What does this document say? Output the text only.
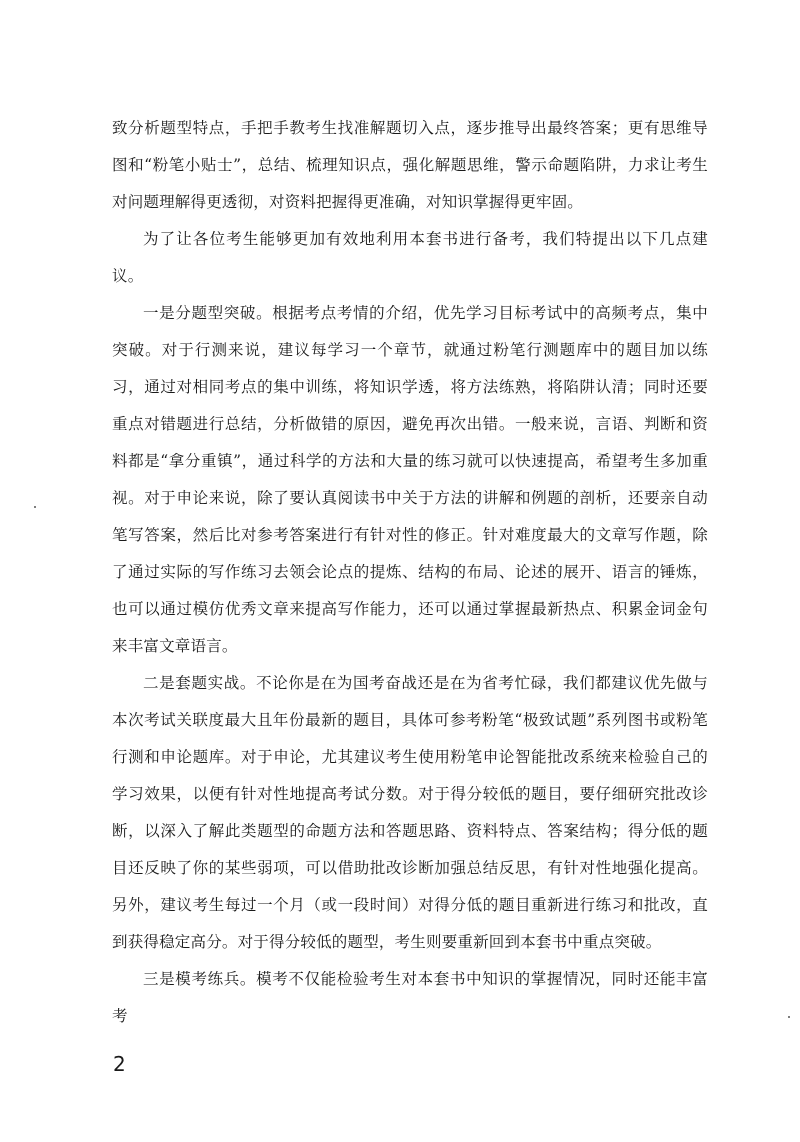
致分析题型特点，手把手教考生找准解题切入点，逐步推导出最终答案；更有思维导图和“粉笔小贴士”，总结、梳理知识点，强化解题思维，警示命题陷阱，力求让考生对问题理解得更透彻，对资料把握得更准确，对知识掌握得更牢固。

为了让各位考生能够更加有效地利用本套书进行备考，我们特提出以下几点建议。

一是分题型突破。根据考点考情的介绍，优先学习目标考试中的高频考点，集中突破。对于行测来说，建议每学习一个章节，就通过粉笔行测题库中的题目加以练习，通过对相同考点的集中训练，将知识学透，将方法练熟，将陷阱认清；同时还要重点对错题进行总结，分析做错的原因，避免再次出错。一般来说，言语、判断和资料都是“拿分重镇”，通过科学的方法和大量的练习就可以快速提高，希望考生多加重视。对于申论来说，除了要认真阅读书中关于方法的讲解和例题的剖析，还要亲自动笔写答案，然后比对参考答案进行有针对性的修正。针对难度最大的文章写作题，除了通过实际的写作练习去领会论点的提炼、结构的布局、论述的展开、语言的锤炼，也可以通过模仿优秀文章来提高写作能力，还可以通过掌握最新热点、积累金词金句来丰富文章语言。

二是套题实战。不论你是在为国考奋战还是在为省考忙碌，我们都建议优先做与本次考试关联度最大且年份最新的题目，具体可参考粉笔“极致试题”系列图书或粉笔行测和申论题库。对于申论，尤其建议考生使用粉笔申论智能批改系统来检验自己的学习效果，以便有针对性地提高考试分数。对于得分较低的题目，要仔细研究批改诊断，以深入了解此类题型的命题方法和答题思路、资料特点、答案结构；得分低的题目还反映了你的某些弱项，可以借助批改诊断加强总结反思，有针对性地强化提高。另外，建议考生每过一个月（或一段时间）对得分低的题目重新进行练习和批改，直到获得稳定高分。对于得分较低的题型，考生则要重新回到本套书中重点突破。

三是模考练兵。模考不仅能检验考生对本套书中知识的掌握情况，同时还能丰富考

2
